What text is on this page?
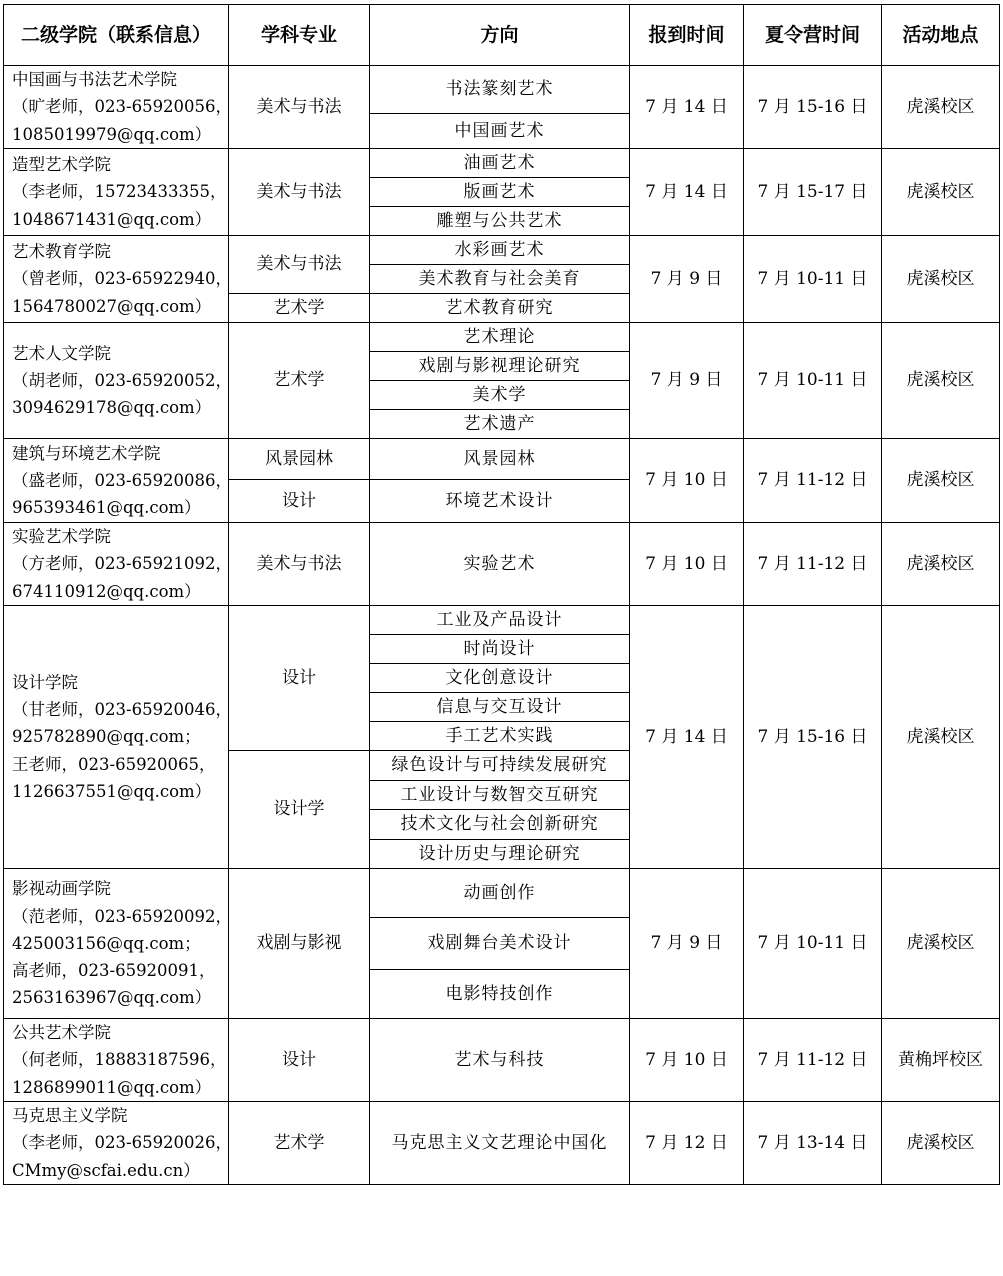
二级学院（联系信息）	学科专业	方向	报到时间	夏令营时间	活动地点

中国画与书法艺术学院
（旷老师，023-65920056，
1085019979@qq.com）	美术与书法	书法篆刻艺术	7 月 14 日	7 月 15-16 日	虎溪校区
		中国画艺术			

造型艺术学院
（李老师，15723433355，
1048671431@qq.com）	美术与书法	油画艺术	7 月 14 日	7 月 15-17 日	虎溪校区
		版画艺术			
		雕塑与公共艺术			

艺术教育学院
（曾老师，023-65922940，
1564780027@qq.com）	美术与书法	水彩画艺术	7 月 9 日	7 月 10-11 日	虎溪校区
		美术教育与社会美育			
	艺术学	艺术教育研究			

艺术人文学院
（胡老师，023-65920052，
3094629178@qq.com）	艺术学	艺术理论	7 月 9 日	7 月 10-11 日	虎溪校区
		戏剧与影视理论研究			
		美术学			
		艺术遗产			

建筑与环境艺术学院
（盛老师，023-65920086，
965393461@qq.com）	风景园林	风景园林	7 月 10 日	7 月 11-12 日	虎溪校区
	设计	环境艺术设计			

实验艺术学院
（方老师，023-65921092，
674110912@qq.com）	美术与书法	实验艺术	7 月 10 日	7 月 11-12 日	虎溪校区

设计学院
（甘老师，023-65920046，
925782890@qq.com；
王老师，023-65920065，
1126637551@qq.com）	设计	工业及产品设计	7 月 14 日	7 月 15-16 日	虎溪校区
		时尚设计			
		文化创意设计			
		信息与交互设计			
		手工艺术实践			
	设计学	绿色设计与可持续发展研究			
		工业设计与数智交互研究			
		技术文化与社会创新研究			
		设计历史与理论研究			

影视动画学院
（范老师，023-65920092，
425003156@qq.com；
高老师，023-65920091，
2563163967@qq.com）	戏剧与影视	动画创作	7 月 9 日	7 月 10-11 日	虎溪校区
		戏剧舞台美术设计			
		电影特技创作			

公共艺术学院
（何老师，18883187596，
1286899011@qq.com）	设计	艺术与科技	7 月 10 日	7 月 11-12 日	黄桷坪校区

马克思主义学院
（李老师，023-65920026，
CMmy@scfai.edu.cn）	艺术学	马克思主义文艺理论中国化	7 月 12 日	7 月 13-14 日	虎溪校区
